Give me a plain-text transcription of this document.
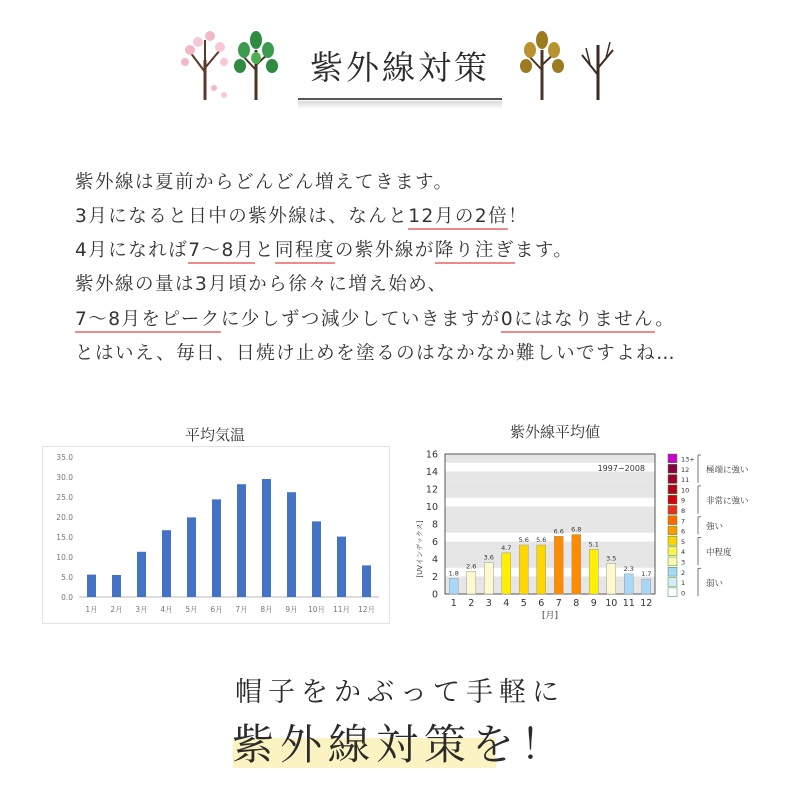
紫外線対策
紫外線は夏前からどんどん増えてきます。
3月になると日中の紫外線は、なんと12月の2倍！
4月になれば7〜8月と同程度の紫外線が降り注ぎます。
紫外線の量は3月頃から徐々に増え始め、
7〜8月をピークに少しずつ減少していきますが0にはなりません。
とはいえ、毎日、日焼け止めを塗るのはなかなか難しいですよね…
平均気温
0.0
5.0
10.0
15.0
20.0
25.0
30.0
35.0
1月 2月 3月 4月 5月 6月 7月 8月 9月 10月 11月 12月
紫外線平均値
0
2
4
6
8
10
12
14
16
[UVインデックス]
1997−2008
1.8
1
2.6
2
3.6
3
4.7
4
5.6
5
5.6
6
6.6
7
6.8
8
5.1
9
3.5
10
2.3
11
1.7
12
[月]
13+
12
11
10
9
8
7
6
5
4
3
2
1
0
極端に強い
非常に強い
強い
中程度
弱い
帽子をかぶって手軽に
紫外線対策を！
